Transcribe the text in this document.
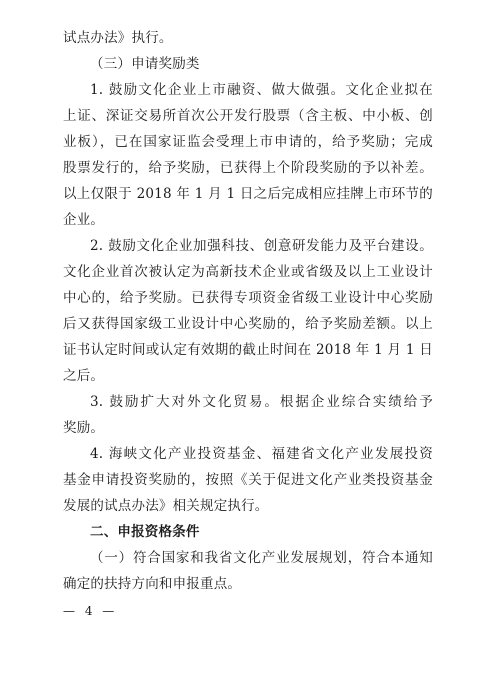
试点办法》执行。
（三）申请奖励类
1. 鼓励文化企业上市融资、做大做强。文化企业拟在
上证、深证交易所首次公开发行股票（含主板、中小板、创
业板），已在国家证监会受理上市申请的，给予奖励；完成
股票发行的，给予奖励，已获得上个阶段奖励的予以补差。
以上仅限于 2018 年 1 月 1 日之后完成相应挂牌上市环节的
企业。
2. 鼓励文化企业加强科技、创意研发能力及平台建设。
文化企业首次被认定为高新技术企业或省级及以上工业设计
中心的，给予奖励。已获得专项资金省级工业设计中心奖励
后又获得国家级工业设计中心奖励的，给予奖励差额。以上
证书认定时间或认定有效期的截止时间在 2018 年 1 月 1 日
之后。
3. 鼓励扩大对外文化贸易。根据企业综合实绩给予
奖励。
4. 海峡文化产业投资基金、福建省文化产业发展投资
基金申请投资奖励的，按照《关于促进文化产业类投资基金
发展的试点办法》相关规定执行。
二、申报资格条件
（一）符合国家和我省文化产业发展规划，符合本通知
确定的扶持方向和申报重点。
— 4 —
